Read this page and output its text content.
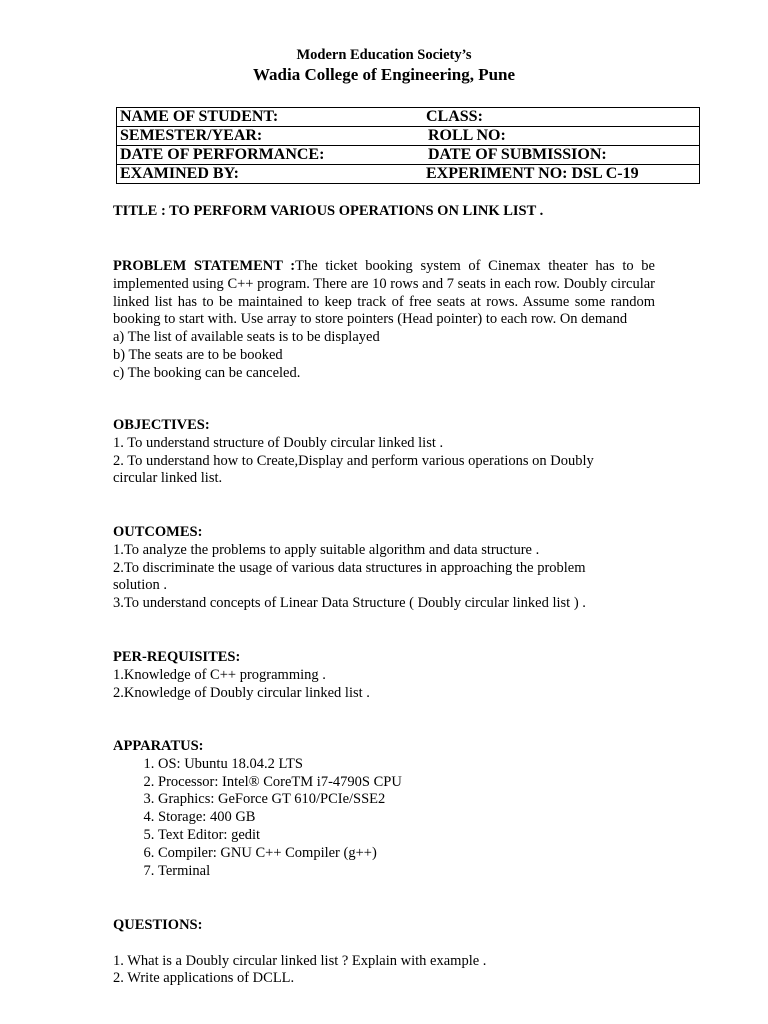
Modern Education Society’s
Wadia College of Engineering, Pune
NAME OF STUDENT:	CLASS:
SEMESTER/YEAR:	ROLL NO:
DATE OF PERFORMANCE:	DATE OF SUBMISSION:
EXAMINED BY:	EXPERIMENT NO: DSL C-19
TITLE : TO PERFORM VARIOUS OPERATIONS ON LINK LIST .

PROBLEM STATEMENT :The ticket booking system of Cinemax theater has to be implemented using C++ program. There are 10 rows and 7 seats in each row. Doubly circular linked list has to be maintained to keep track of free seats at rows. Assume some random booking to start with. Use array to store pointers (Head pointer) to each row. On demand

a) The list of available seats is to be displayed

b) The seats are to be booked

c) The booking can be canceled.

OBJECTIVES:

1. To understand structure of Doubly circular linked list .

2. To understand how to Create,Display and perform various operations on Doubly circular linked list.

OUTCOMES:

1.To analyze the problems to apply suitable algorithm and data structure .

2.To discriminate the usage of various data structures in approaching the problem solution .

3.To understand concepts of Linear Data Structure ( Doubly circular linked list ) .

PER-REQUISITES:

1.Knowledge of C++ programming .

2.Knowledge of Doubly circular linked list .

APPARATUS:

1. OS: Ubuntu 18.04.2 LTS
2. Processor: Intel® CoreTM i7-4790S CPU
3. Graphics: GeForce GT 610/PCIe/SSE2
4. Storage: 400 GB
5. Text Editor: gedit
6. Compiler: GNU C++ Compiler (g++)
7. Terminal

QUESTIONS:

1. What is a Doubly circular linked list ? Explain with example .

2. Write applications of DCLL.
